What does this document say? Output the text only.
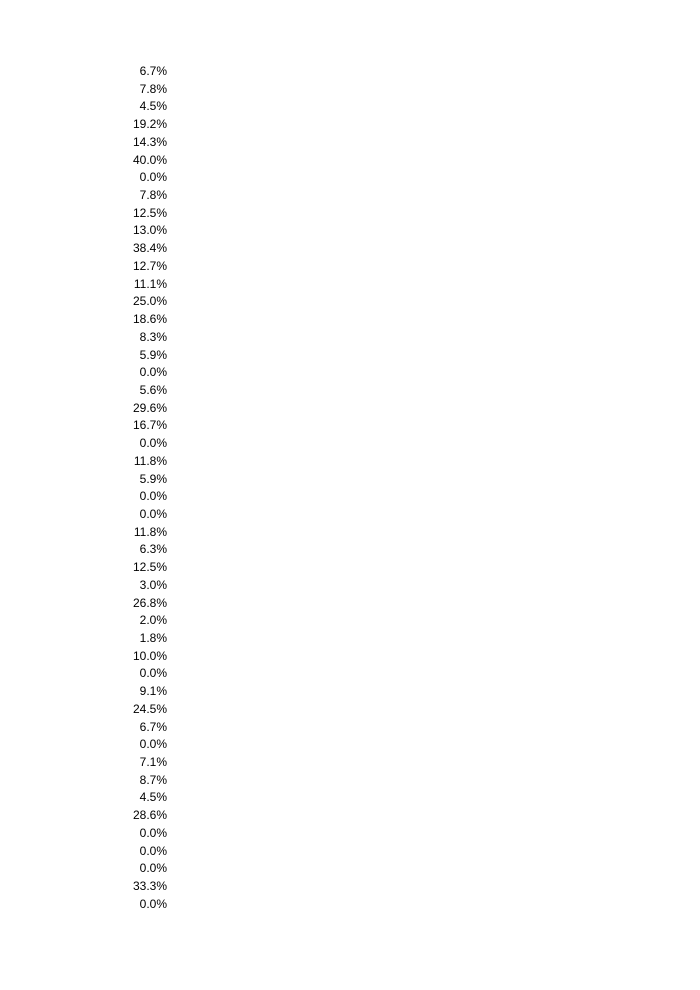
6.7%
7.8%
4.5%
19.2%
14.3%
40.0%
0.0%
7.8%
12.5%
13.0%
38.4%
12.7%
11.1%
25.0%
18.6%
8.3%
5.9%
0.0%
5.6%
29.6%
16.7%
0.0%
11.8%
5.9%
0.0%
0.0%
11.8%
6.3%
12.5%
3.0%
26.8%
2.0%
1.8%
10.0%
0.0%
9.1%
24.5%
6.7%
0.0%
7.1%
8.7%
4.5%
28.6%
0.0%
0.0%
0.0%
33.3%
0.0%
